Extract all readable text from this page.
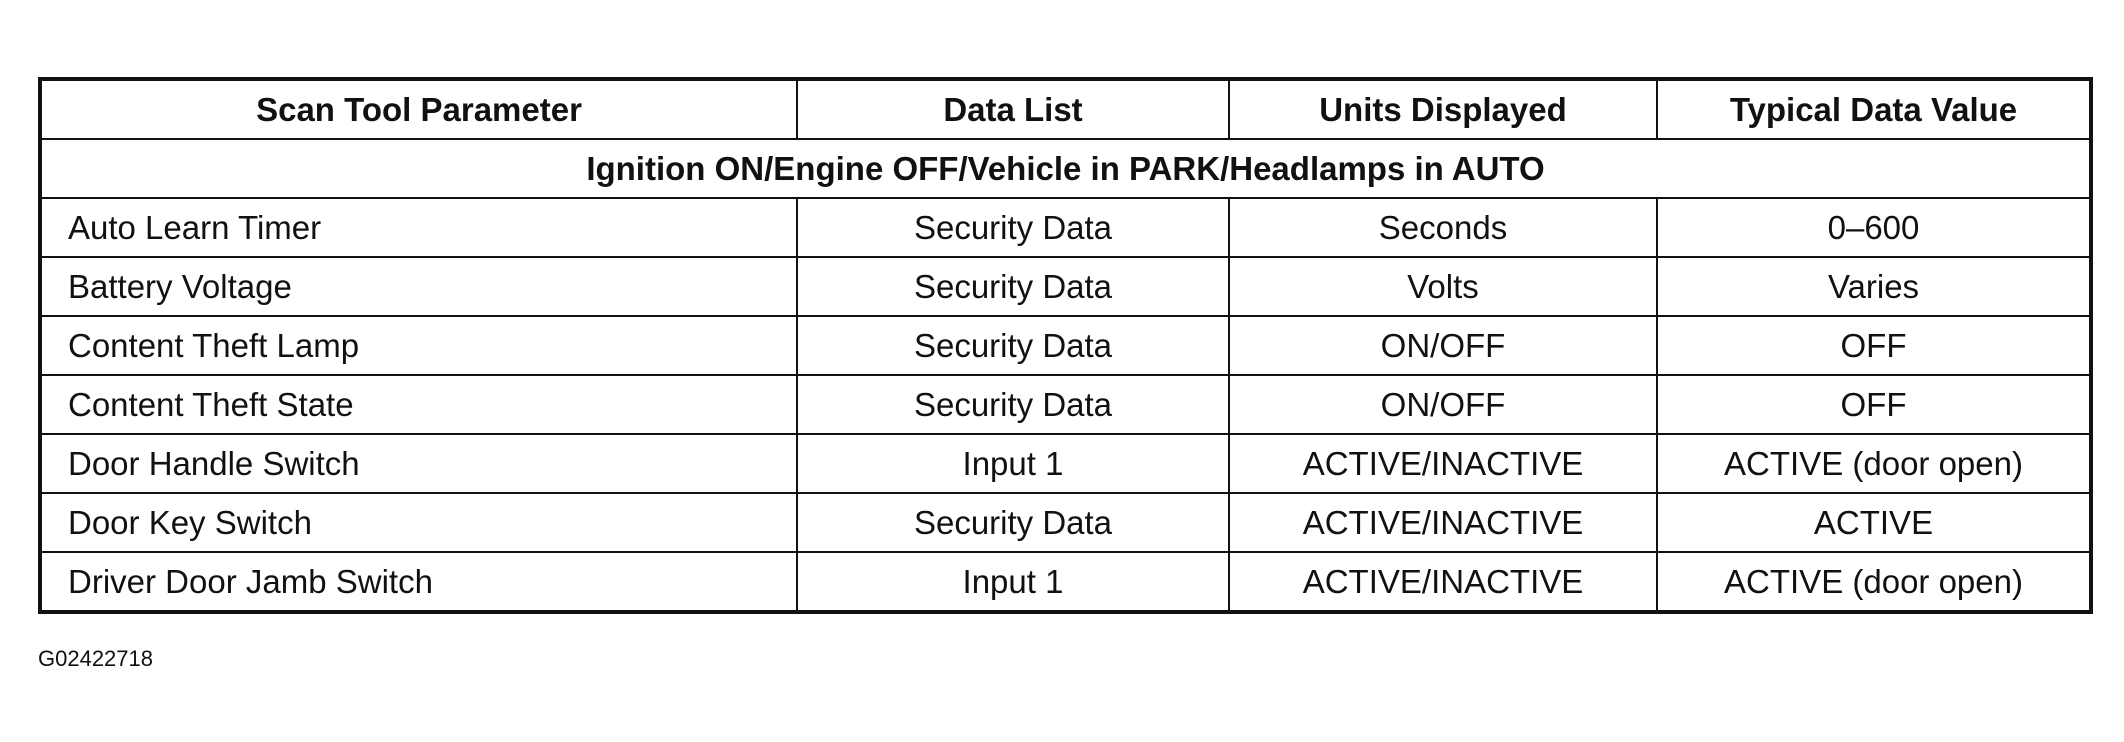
Scan Tool Parameter	Data List	Units Displayed	Typical Data Value
Ignition ON/Engine OFF/Vehicle in PARK/Headlamps in AUTO			
Auto Learn Timer	Security Data	Seconds	0–600
Battery Voltage	Security Data	Volts	Varies
Content Theft Lamp	Security Data	ON/OFF	OFF
Content Theft State	Security Data	ON/OFF	OFF
Door Handle Switch	Input 1	ACTIVE/INACTIVE	ACTIVE (door open)
Door Key Switch	Security Data	ACTIVE/INACTIVE	ACTIVE
Driver Door Jamb Switch	Input 1	ACTIVE/INACTIVE	ACTIVE (door open)
G02422718
